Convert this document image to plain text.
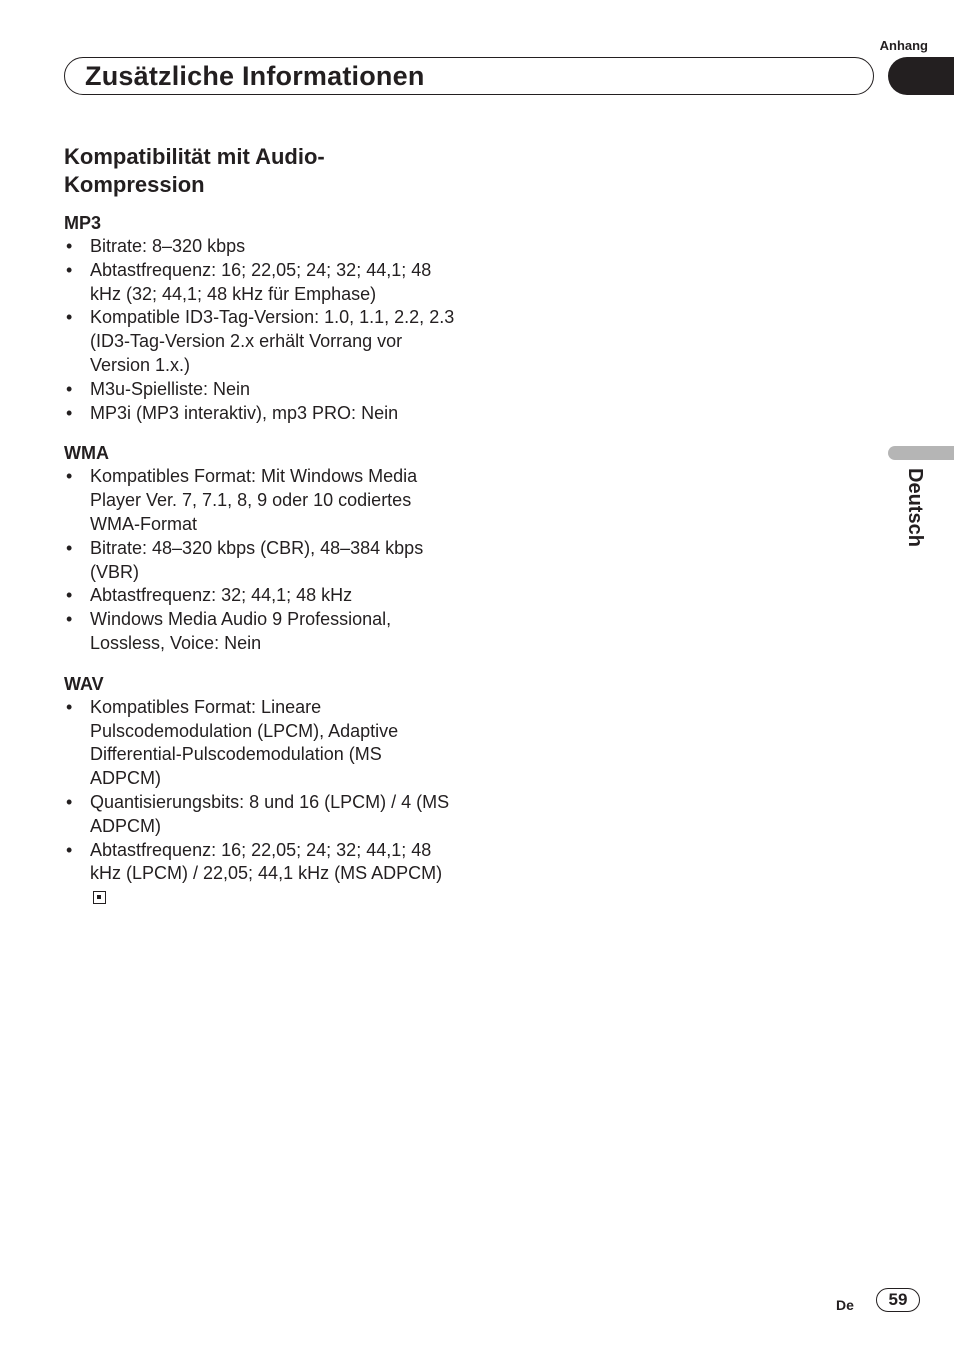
Anhang
Zusätzliche Informationen
Deutsch
Kompatibilität mit Audio-Kompression
MP3
• Bitrate: 8–320 kbps
• Abtastfrequenz: 16; 22,05; 24; 32; 44,1; 48 kHz (32; 44,1; 48 kHz für Emphase)
• Kompatible ID3-Tag-Version: 1.0, 1.1, 2.2, 2.3 (ID3-Tag-Version 2.x erhält Vorrang vor Version 1.x.)
• M3u-Spielliste: Nein
• MP3i (MP3 interaktiv), mp3 PRO: Nein
WMA
• Kompatibles Format: Mit Windows Media Player Ver. 7, 7.1, 8, 9 oder 10 codiertes WMA-Format
• Bitrate: 48–320 kbps (CBR), 48–384 kbps (VBR)
• Abtastfrequenz: 32; 44,1; 48 kHz
• Windows Media Audio 9 Professional, Lossless, Voice: Nein
WAV
• Kompatibles Format: Lineare Pulscodemodulation (LPCM), Adaptive Differential-Pulscodemodulation (MS ADPCM)
• Quantisierungsbits: 8 und 16 (LPCM) / 4 (MS ADPCM)
• Abtastfrequenz: 16; 22,05; 24; 32; 44,1; 48 kHz (LPCM) / 22,05; 44,1 kHz (MS ADPCM)
De	59
